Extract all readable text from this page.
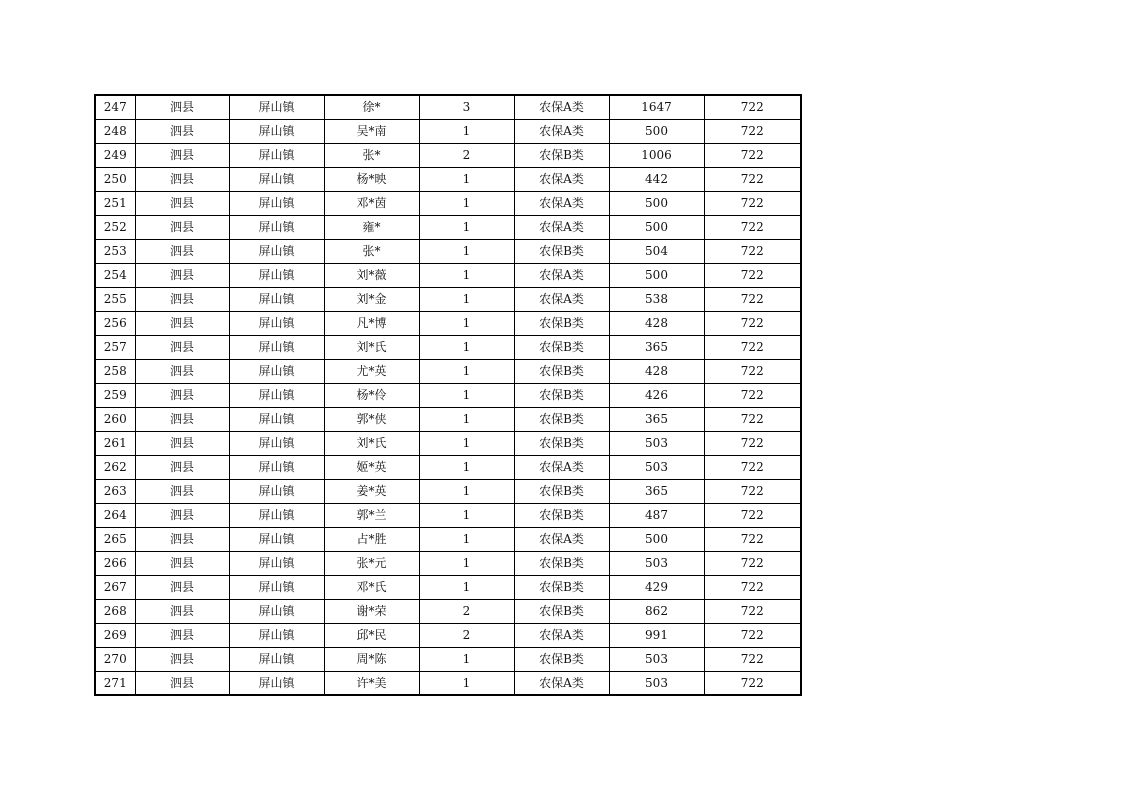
247	泗县	屏山镇	徐*	3	农保A类	1647	722
248	泗县	屏山镇	吴*南	1	农保A类	500	722
249	泗县	屏山镇	张*	2	农保B类	1006	722
250	泗县	屏山镇	杨*映	1	农保A类	442	722
251	泗县	屏山镇	邓*茵	1	农保A类	500	722
252	泗县	屏山镇	雍*	1	农保A类	500	722
253	泗县	屏山镇	张*	1	农保B类	504	722
254	泗县	屏山镇	刘*薇	1	农保A类	500	722
255	泗县	屏山镇	刘*金	1	农保A类	538	722
256	泗县	屏山镇	凡*博	1	农保B类	428	722
257	泗县	屏山镇	刘*氏	1	农保B类	365	722
258	泗县	屏山镇	尤*英	1	农保B类	428	722
259	泗县	屏山镇	杨*伶	1	农保B类	426	722
260	泗县	屏山镇	郭*侠	1	农保B类	365	722
261	泗县	屏山镇	刘*氏	1	农保B类	503	722
262	泗县	屏山镇	姬*英	1	农保A类	503	722
263	泗县	屏山镇	姜*英	1	农保B类	365	722
264	泗县	屏山镇	郭*兰	1	农保B类	487	722
265	泗县	屏山镇	占*胜	1	农保A类	500	722
266	泗县	屏山镇	张*元	1	农保B类	503	722
267	泗县	屏山镇	邓*氏	1	农保B类	429	722
268	泗县	屏山镇	谢*荣	2	农保B类	862	722
269	泗县	屏山镇	邱*民	2	农保A类	991	722
270	泗县	屏山镇	周*陈	1	农保B类	503	722
271	泗县	屏山镇	许*美	1	农保A类	503	722
